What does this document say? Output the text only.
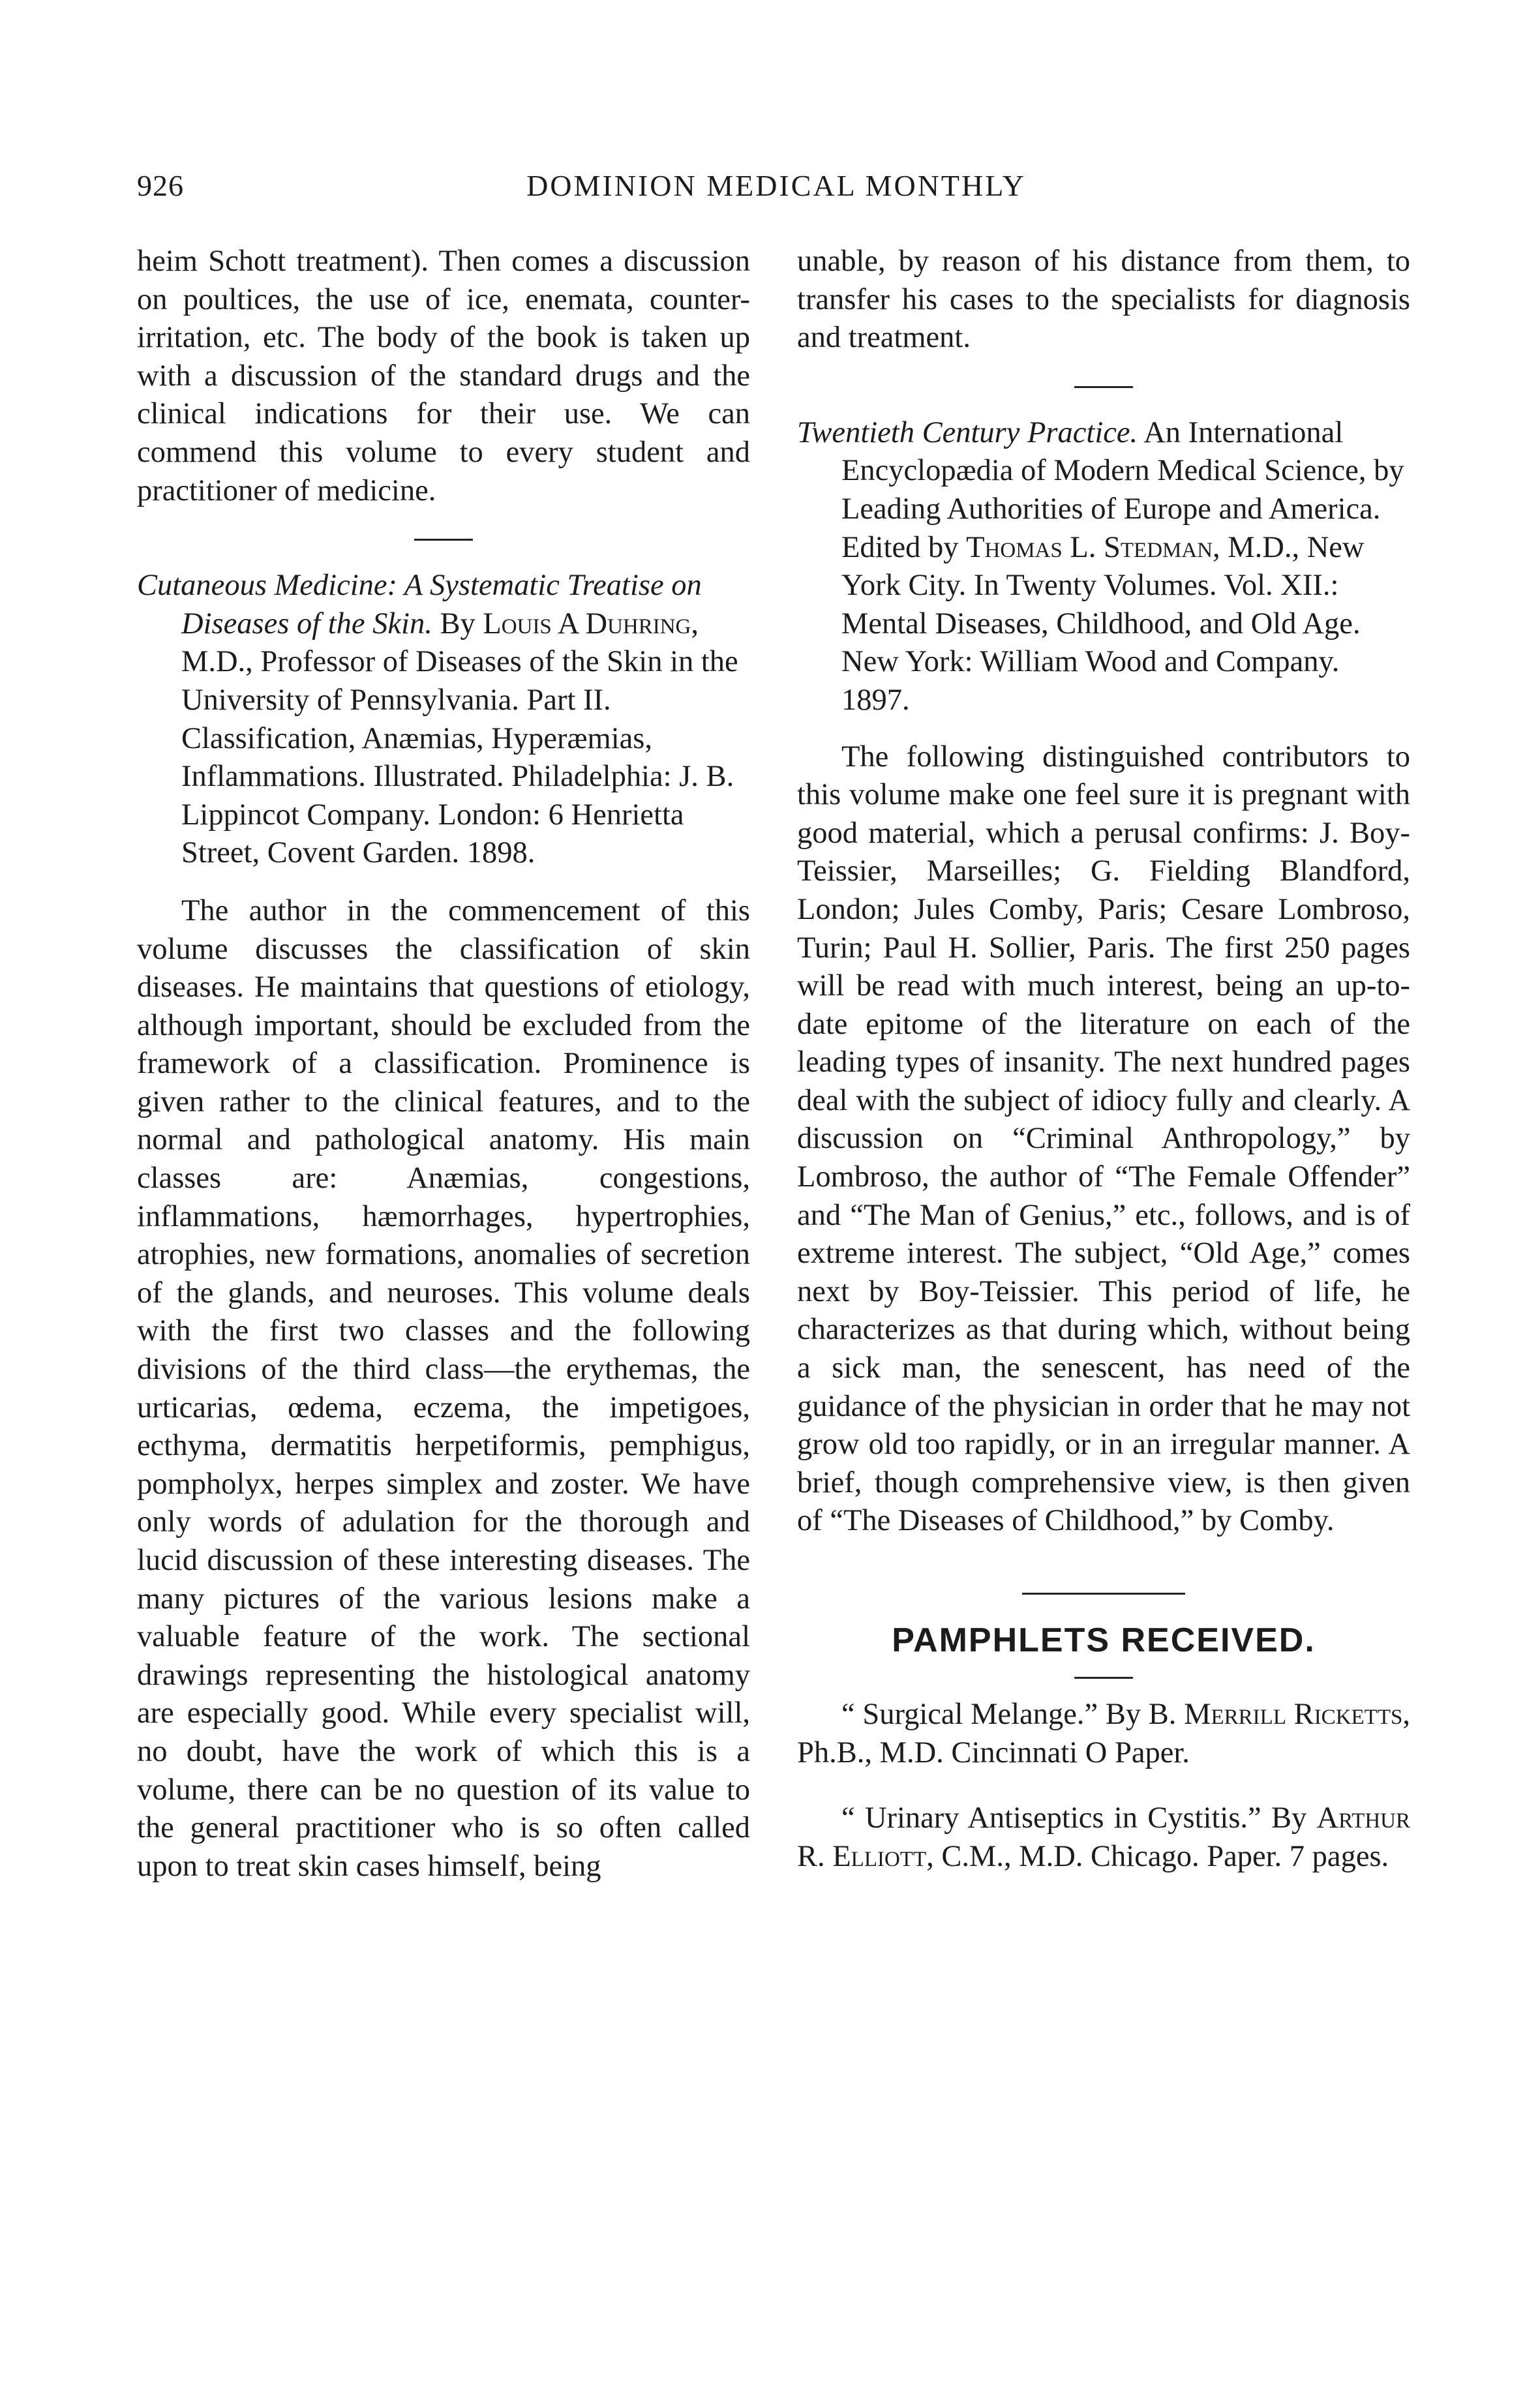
926	DOMINION MEDICAL MONTHLY

heim Schott treatment). Then comes a discussion on poultices, the use of ice, enemata, counter-irritation, etc. The body of the book is taken up with a discussion of the standard drugs and the clinical indications for their use. We can commend this volume to every student and practitioner of medicine.

Cutaneous Medicine: A Systematic Treatise on Diseases of the Skin. By Louis A Duhring, M.D., Professor of Diseases of the Skin in the University of Pennsylvania. Part II. Classification, Anæmias, Hyperæmias, Inflammations. Illustrated. Philadelphia: J. B. Lippincot Company. London: 6 Henrietta Street, Covent Garden. 1898.

The author in the commencement of this volume discusses the classification of skin diseases. He maintains that questions of etiology, although important, should be excluded from the framework of a classification. Prominence is given rather to the clinical features, and to the normal and pathological anatomy. His main classes are: Anæmias, congestions, inflammations, hæmorrhages, hypertrophies, atrophies, new formations, anomalies of secretion of the glands, and neuroses. This volume deals with the first two classes and the following divisions of the third class—the erythemas, the urticarias, œdema, eczema, the impetigoes, ecthyma, dermatitis herpetiformis, pemphigus, pompholyx, herpes simplex and zoster. We have only words of adulation for the thorough and lucid discussion of these interesting diseases. The many pictures of the various lesions make a valuable feature of the work. The sectional drawings representing the histological anatomy are especially good. While every specialist will, no doubt, have the work of which this is a volume, there can be no question of its value to the general practitioner who is so often called upon to treat skin cases himself, being

unable, by reason of his distance from them, to transfer his cases to the specialists for diagnosis and treatment.

Twentieth Century Practice. An International Encyclopædia of Modern Medical Science, by Leading Authorities of Europe and America. Edited by Thomas L. Stedman, M.D., New York City. In Twenty Volumes. Vol. XII.: Mental Diseases, Childhood, and Old Age. New York: William Wood and Company. 1897.

The following distinguished contributors to this volume make one feel sure it is pregnant with good material, which a perusal confirms: J. Boy-Teissier, Marseilles; G. Fielding Blandford, London; Jules Comby, Paris; Cesare Lombroso, Turin; Paul H. Sollier, Paris. The first 250 pages will be read with much interest, being an up-to-date epitome of the literature on each of the leading types of insanity. The next hundred pages deal with the subject of idiocy fully and clearly. A discussion on “Criminal Anthropology,” by Lombroso, the author of “The Female Offender” and “The Man of Genius,” etc., follows, and is of extreme interest. The subject, “Old Age,” comes next by Boy-Teissier. This period of life, he characterizes as that during which, without being a sick man, the senescent, has need of the guidance of the physician in order that he may not grow old too rapidly, or in an irregular manner. A brief, though comprehensive view, is then given of “The Diseases of Childhood,” by Comby.

PAMPHLETS RECEIVED.

“ Surgical Melange.” By B. Merrill Ricketts, Ph.B., M.D. Cincinnati O Paper.

“ Urinary Antiseptics in Cystitis.” By Arthur R. Elliott, C.M., M.D. Chicago. Paper. 7 pages.
